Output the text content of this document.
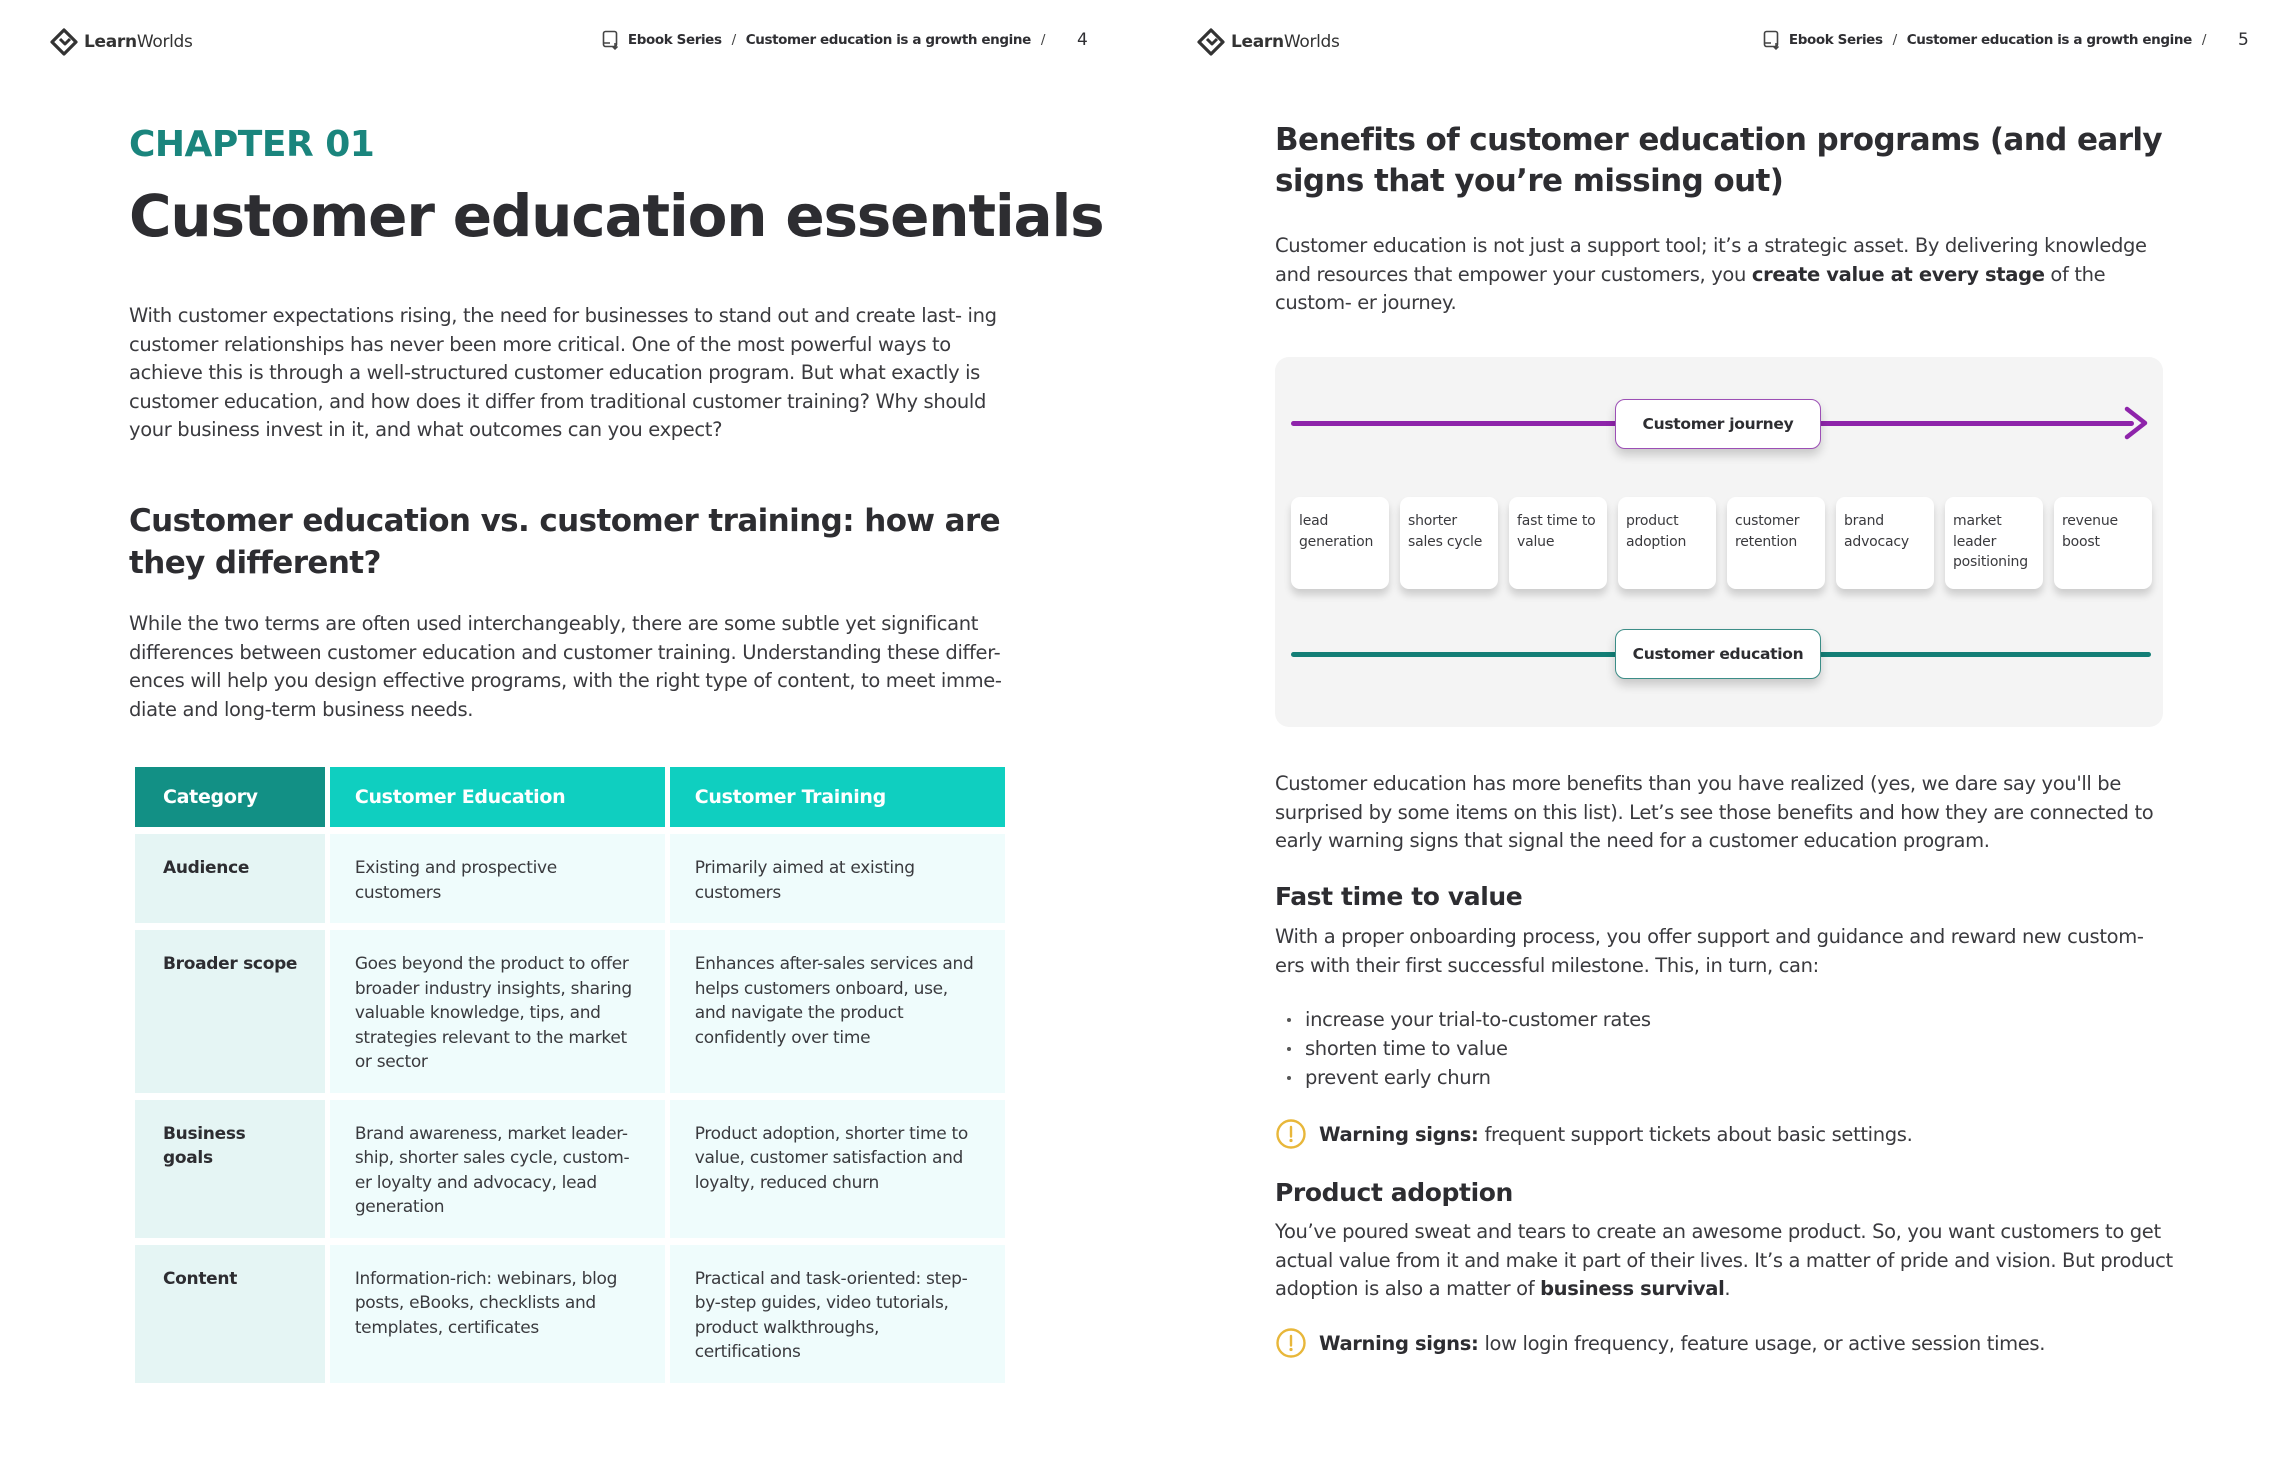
LearnWorlds	Ebook Series / Customer education is a growth engine / 4
CHAPTER 01
Customer education essentials

With customer expectations rising, the need for businesses to stand out and create last- ing customer relationships has never been more critical. One of the most powerful ways to achieve this is through a well-structured customer education program. But what exactly is customer education, and how does it differ from traditional customer training? Why should your business invest in it, and what outcomes can you expect?

Customer education vs. customer training: how are they different?

While the two terms are often used interchangeably, there are some subtle yet significant differences between customer education and customer training. Understanding these differ- ences will help you design effective programs, with the right type of content, to meet imme- diate and long-term business needs.

Category	Customer Education	Customer Training
Audience	Existing and prospective customers	Primarily aimed at existing customers
Broader scope	Goes beyond the product to offer broader industry insights, sharing valuable knowledge, tips, and strategies relevant to the market or sector	Enhances after-sales services and helps customers onboard, use, and navigate the product confidently over time
Business goals	Brand awareness, market leader- ship, shorter sales cycle, custom- er loyalty and advocacy, lead generation	Product adoption, shorter time to value, customer satisfaction and loyalty, reduced churn
Content	Information-rich: webinars, blog posts, eBooks, checklists and templates, certificates	Practical and task-oriented: step-by-step guides, video tutorials, product walkthroughs, certifications
LearnWorlds	Ebook Series / Customer education is a growth engine / 5
Benefits of customer education programs (and early signs that you’re missing out)

Customer education is not just a support tool; it’s a strategic asset. By delivering knowledge and resources that empower your customers, you create value at every stage of the custom- er journey.

Customer journey
lead generation
shorter sales cycle
fast time to value
product adoption
customer retention
brand advocacy
market leader positioning
revenue boost
Customer education

Customer education has more benefits than you have realized (yes, we dare say you'll be surprised by some items on this list). Let’s see those benefits and how they are connected to early warning signs that signal the need for a customer education program.

Fast time to value

With a proper onboarding process, you offer support and guidance and reward new custom- ers with their first successful milestone. This, in turn, can:

increase your trial-to-customer rates
shorten time to value
prevent early churn
Warning signs: frequent support tickets about basic settings.
Product adoption

You’ve poured sweat and tears to create an awesome product. So, you want customers to get actual value from it and make it part of their lives. It’s a matter of pride and vision. But product adoption is also a matter of business survival.

Warning signs: low login frequency, feature usage, or active session times.
